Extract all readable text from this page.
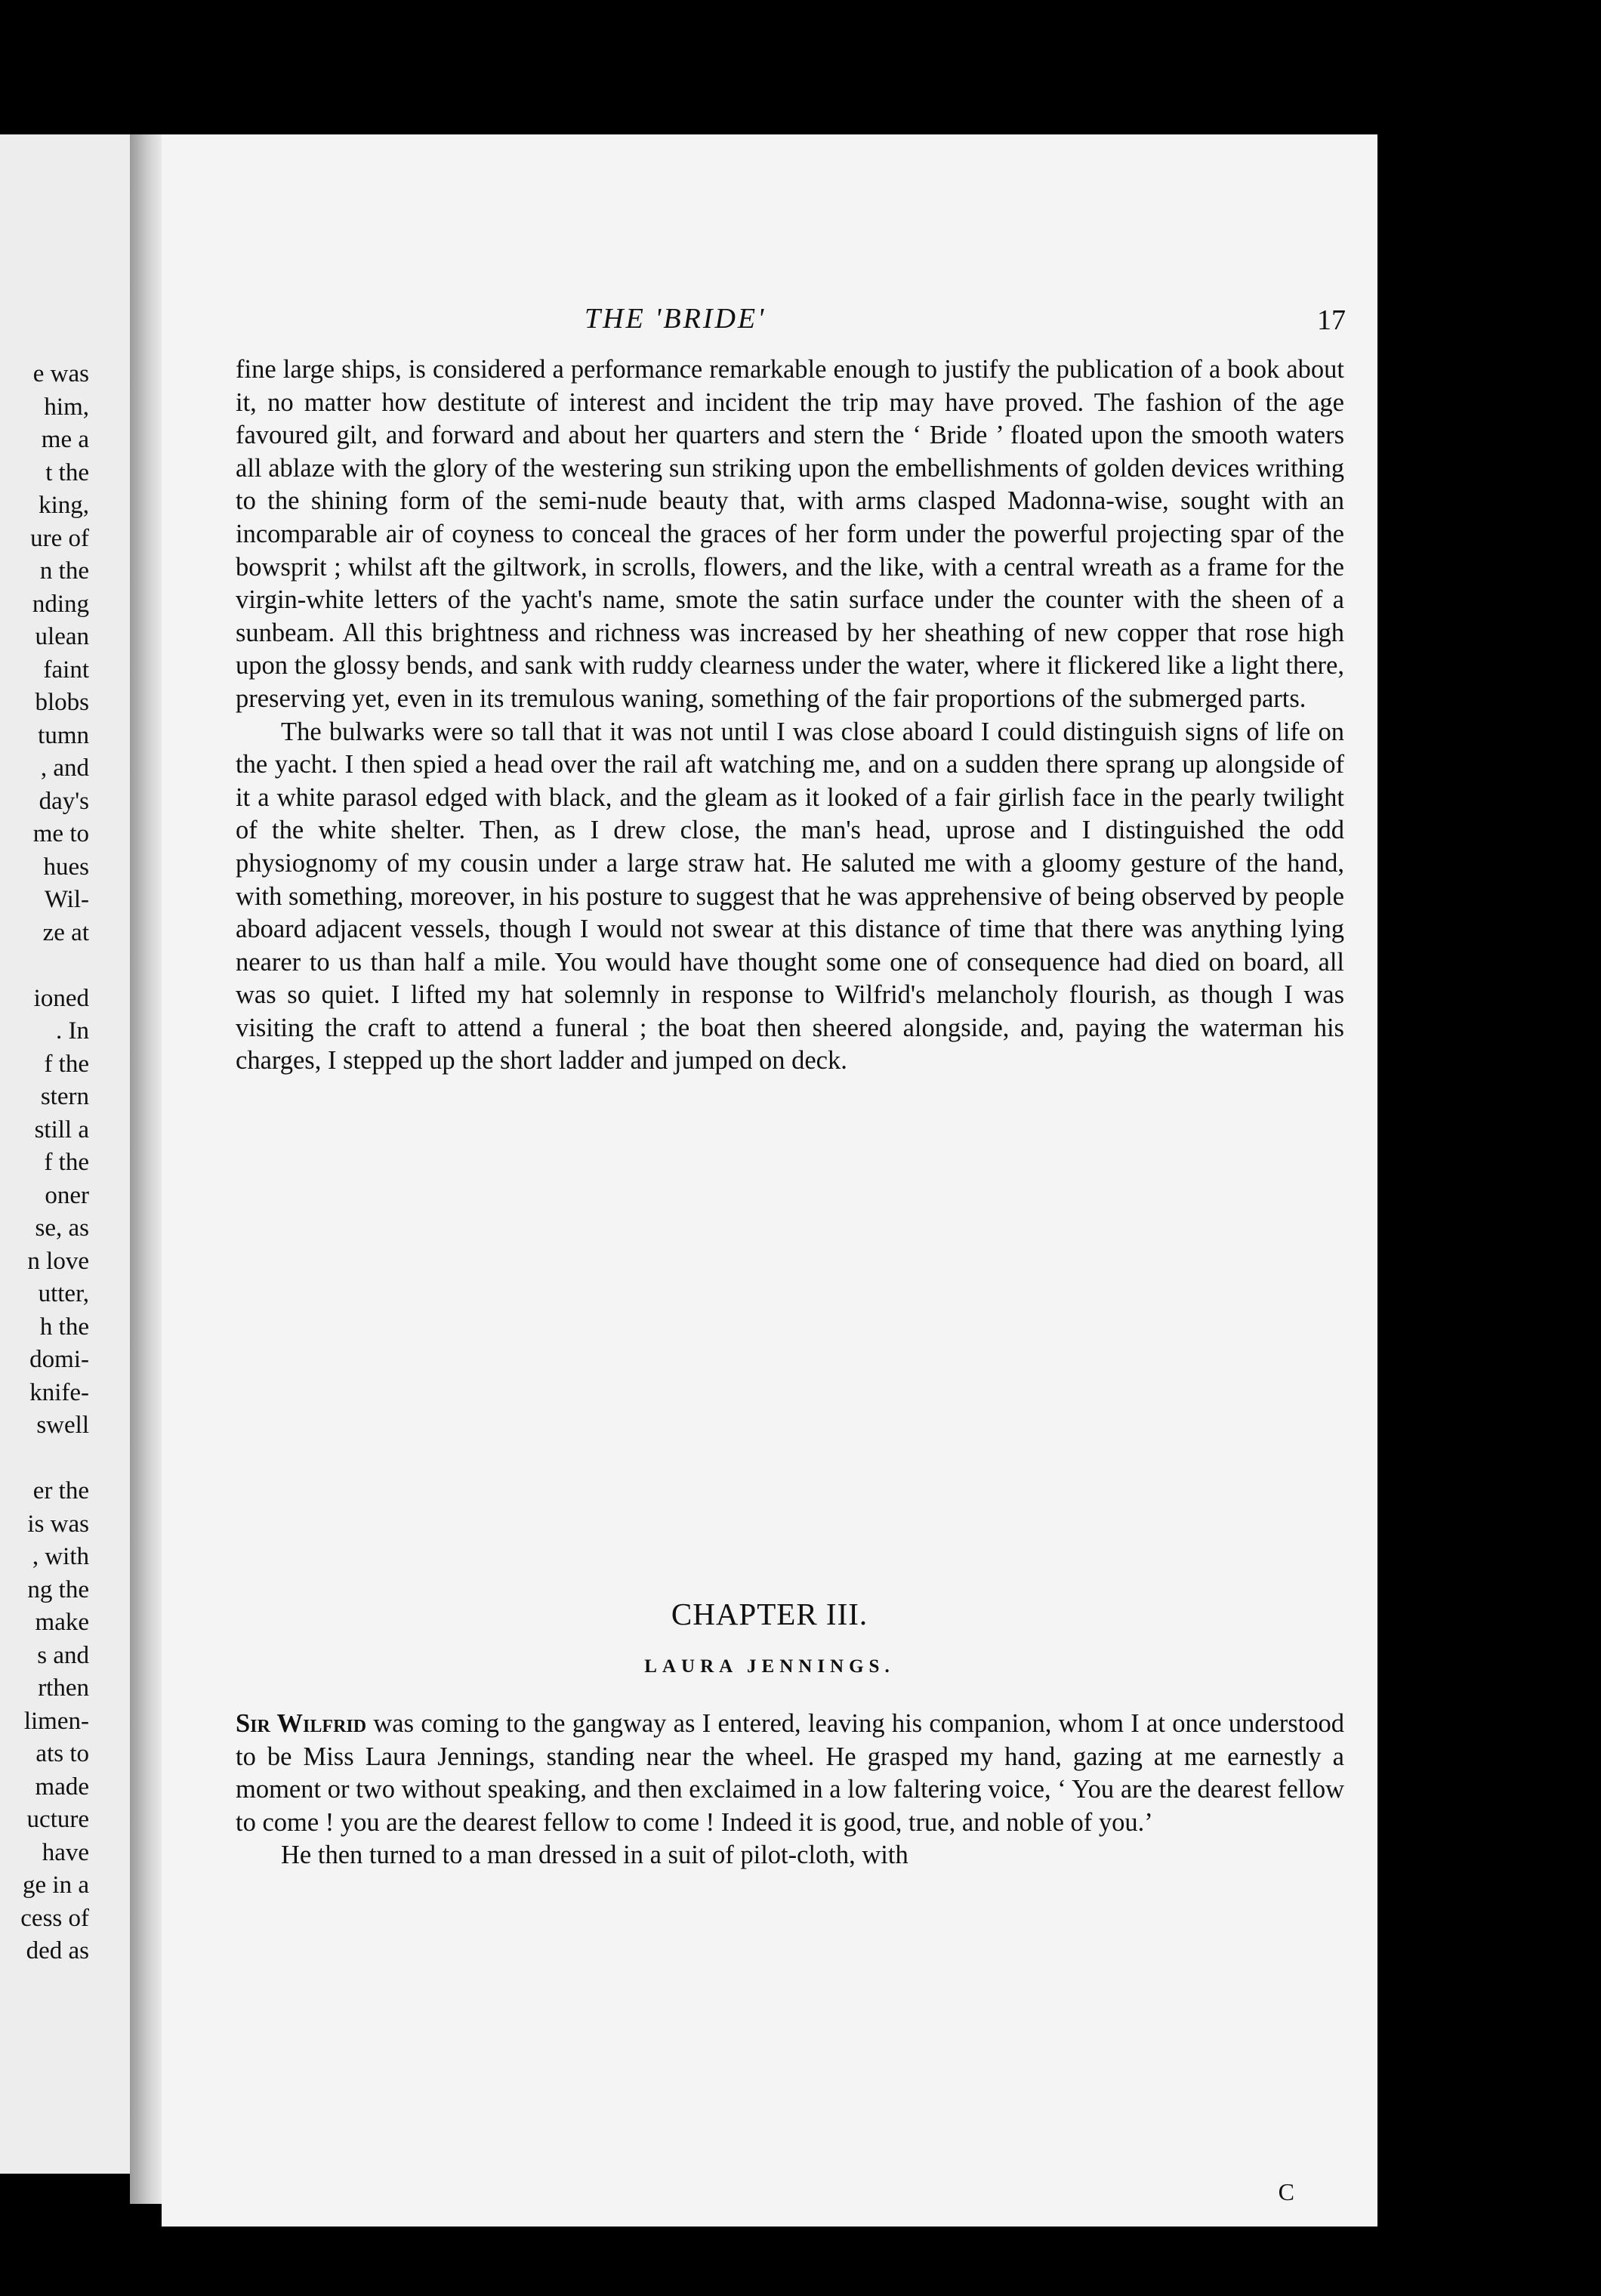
e was
him,
me a
t the
king,
ure of
n the
nding
ulean
faint
blobs
tumn
, and
day's
me to
hues
Wil-
ze at
ioned
. In
f the
stern
still a
f the
oner
se, as
n love
utter,
h the
domi-
knife-
swell
er the
is was
, with
ng the
make
s and
rthen
limen-
ats to
made
ucture
have
ge in a
cess of
ded as
THE 'BRIDE'	17

fine large ships, is considered a performance remarkable enough to justify the publication of a book about it, no matter how destitute of interest and incident the trip may have proved. The fashion of the age favoured gilt, and forward and about her quarters and stern the ‘ Bride ’ floated upon the smooth waters all ablaze with the glory of the westering sun striking upon the embellishments of golden devices writhing to the shining form of the semi-nude beauty that, with arms clasped Madonna-wise, sought with an incomparable air of coyness to conceal the graces of her form under the powerful projecting spar of the bowsprit ; whilst aft the giltwork, in scrolls, flowers, and the like, with a central wreath as a frame for the virgin-white letters of the yacht's name, smote the satin surface under the counter with the sheen of a sunbeam. All this brightness and richness was increased by her sheathing of new copper that rose high upon the glossy bends, and sank with ruddy clearness under the water, where it flickered like a light there, preserving yet, even in its tremulous waning, something of the fair proportions of the submerged parts.

The bulwarks were so tall that it was not until I was close aboard I could distinguish signs of life on the yacht. I then spied a head over the rail aft watching me, and on a sudden there sprang up alongside of it a white parasol edged with black, and the gleam as it looked of a fair girlish face in the pearly twilight of the white shelter. Then, as I drew close, the man's head, uprose and I distinguished the odd physiognomy of my cousin under a large straw hat. He saluted me with a gloomy gesture of the hand, with something, moreover, in his posture to suggest that he was apprehensive of being observed by people aboard adjacent vessels, though I would not swear at this distance of time that there was anything lying nearer to us than half a mile. You would have thought some one of consequence had died on board, all was so quiet. I lifted my hat solemnly in response to Wilfrid's melancholy flourish, as though I was visiting the craft to attend a funeral ; the boat then sheered alongside, and, paying the waterman his charges, I stepped up the short ladder and jumped on deck.

CHAPTER III.
LAURA JENNINGS.

Sir Wilfrid was coming to the gangway as I entered, leaving his companion, whom I at once understood to be Miss Laura Jennings, standing near the wheel. He grasped my hand, gazing at me earnestly a moment or two without speaking, and then exclaimed in a low faltering voice, ‘ You are the dearest fellow to come ! you are the dearest fellow to come ! Indeed it is good, true, and noble of you.’

He then turned to a man dressed in a suit of pilot-cloth, with

C
